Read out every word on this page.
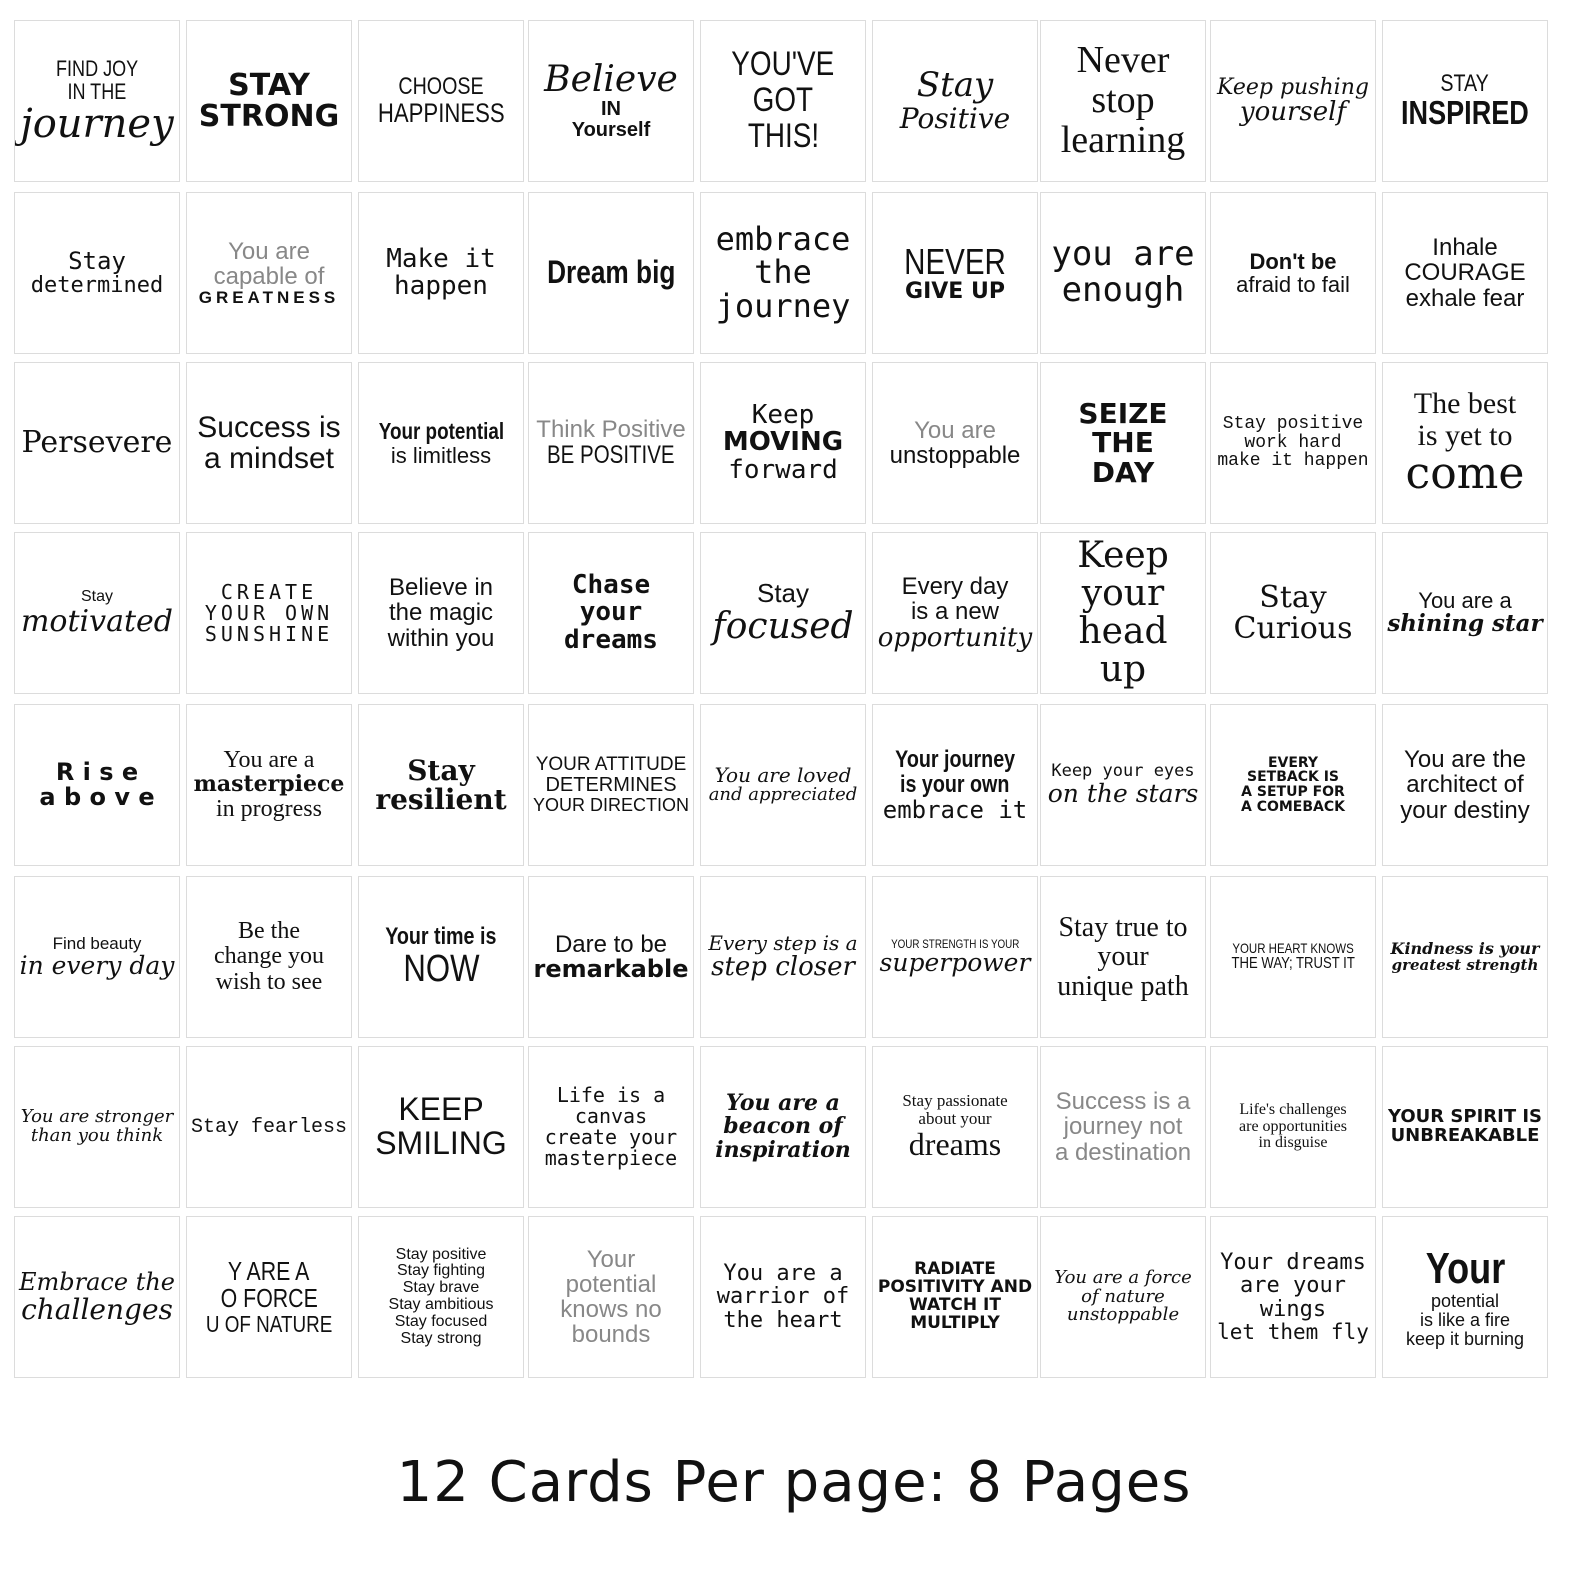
FIND JOY
IN THE
journey
STAY
STRONG
CHOOSE
HAPPINESS
Believe
IN
Yourself
YOU'VE
GOT
THIS!
Stay
Positive
Never
stop
learning
Keep pushing
yourself
STAY
INSPIRED
Stay
determined
You are
capable of
GREATNESS
Make it
happen Dream big
embrace
the
journey
NEVER
GIVE UP
you are
enough
Don't be
afraid to fail
Inhale
COURAGE
exhale fear
Persevere Success is
a mindset
Your potential
is limitless
Think Positive
BE POSITIVE
Keep
MOVING
forward
You are
unstoppable
SEIZE
THE
DAY
Stay positive
work hard
make it happen
The best
is yet to
come
Stay
motivated
CREATE
YOUR OWN
SUNSHINE
Believe in
the magic
within you
Chase
your
dreams
Stay
focused
Every day
is a new
opportunity
Keep
your
head
up
Stay
Curious
You are a
shining star
R i s e
a b o v e
You are a
masterpiece
in progress
Stay
resilient
YOUR ATTITUDE
DETERMINES
YOUR DIRECTION
You are loved
and appreciated
Your journey
is your own
embrace it
Keep your eyes
on the stars
EVERY
SETBACK IS
A SETUP FOR
A COMEBACK
You are the
architect of
your destiny
Find beauty
in every day
Be the
change you
wish to see
Your time is
NOW
Dare to be
remarkable
Every step is a
step closer
YOUR STRENGTH IS YOUR
superpower
Stay true to
your
unique path
YOUR HEART KNOWS
THE WAY; TRUST IT
Kindness is your
greatest strength
You are stronger
than you think Stay fearless KEEP
SMILING
Life is a
canvas
create your
masterpiece
You are a
beacon of
inspiration
Stay passionate
about your
dreams
Success is a
journey not
a destination
Life's challenges
are opportunities
in disguise
YOUR SPIRIT IS
UNBREAKABLE
Embrace the
challenges
Y ARE A
O FORCE
U OF NATURE
Stay positive
Stay fighting
Stay brave
Stay ambitious
Stay focused
Stay strong
Your
potential
knows no
bounds
You are a
warrior of
the heart
RADIATE
POSITIVITY AND
WATCH IT
MULTIPLY
You are a force
of nature
unstoppable
Your dreams
are your
wings
let them fly
Your
potential
is like a fire
keep it burning
12 Cards Per page: 8 Pages
